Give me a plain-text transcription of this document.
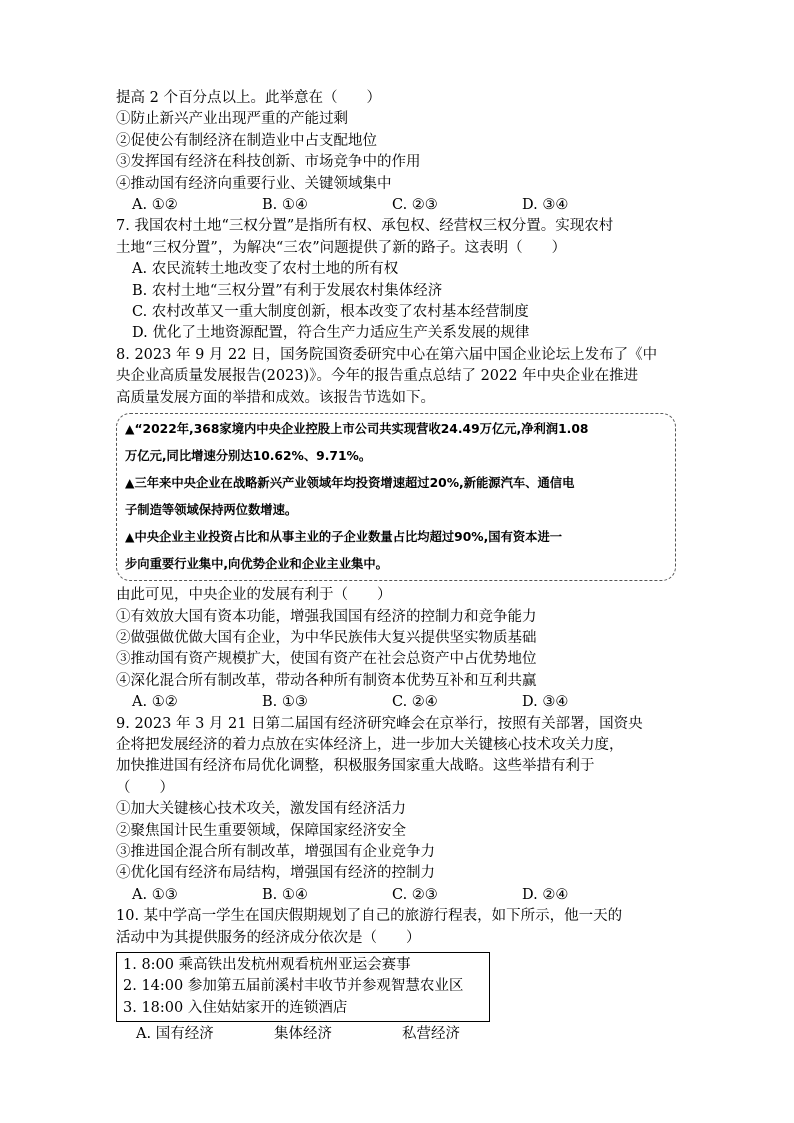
提高 2 个百分点以上。此举意在（　　）
①防止新兴产业出现严重的产能过剩
②促使公有制经济在制造业中占支配地位
③发挥国有经济在科技创新、市场竞争中的作用
④推动国有经济向重要行业、关键领域集中
A. ①②	B. ①④	C. ②③	D. ③④
7. 我国农村土地“三权分置”是指所有权、承包权、经营权三权分置。实现农村
土地“三权分置”，为解决“三农”问题提供了新的路子。这表明（　　）
A. 农民流转土地改变了农村土地的所有权
B. 农村土地“三权分置”有利于发展农村集体经济
C. 农村改革又一重大制度创新，根本改变了农村基本经营制度
D. 优化了土地资源配置，符合生产力适应生产关系发展的规律
8. 2023 年 9 月 22 日，国务院国资委研究中心在第六届中国企业论坛上发布了《中
央企业高质量发展报告(2023)》。今年的报告重点总结了 2022 年中央企业在推进
高质量发展方面的举措和成效。该报告节选如下。
▲“2022年,368家境内中央企业控股上市公司共实现营收24.49万亿元,净利润1.08
万亿元,同比增速分别达10.62%、9.71%。
▲三年来中央企业在战略新兴产业领域年均投资增速超过20%,新能源汽车、通信电
子制造等领域保持两位数增速。
▲中央企业主业投资占比和从事主业的子企业数量占比均超过90%,国有资本进一
步向重要行业集中,向优势企业和企业主业集中。
由此可见，中央企业的发展有利于（　　）
①有效放大国有资本功能，增强我国国有经济的控制力和竞争能力
②做强做优做大国有企业，为中华民族伟大复兴提供坚实物质基础
③推动国有资产规模扩大，使国有资产在社会总资产中占优势地位
④深化混合所有制改革，带动各种所有制资本优势互补和互利共赢
A. ①②	B. ①③	C. ②④	D. ③④
9. 2023 年 3 月 21 日第二届国有经济研究峰会在京举行，按照有关部署，国资央
企将把发展经济的着力点放在实体经济上，进一步加大关键核心技术攻关力度，
加快推进国有经济布局优化调整，积极服务国家重大战略。这些举措有利于
（　　）
①加大关键核心技术攻关，激发国有经济活力
②聚焦国计民生重要领域，保障国家经济安全
③推进国企混合所有制改革，增强国有企业竞争力
④优化国有经济布局结构，增强国有经济的控制力
A. ①③	B. ①④	C. ②③	D. ②④
10. 某中学高一学生在国庆假期规划了自己的旅游行程表，如下所示，他一天的
活动中为其提供服务的经济成分依次是（　　）
1. 8:00 乘高铁出发杭州观看杭州亚运会赛事
2. 14:00 参加第五届前溪村丰收节并参观智慧农业区
3. 18:00 入住姑姑家开的连锁酒店
A. 国有经济	集体经济	私营经济
